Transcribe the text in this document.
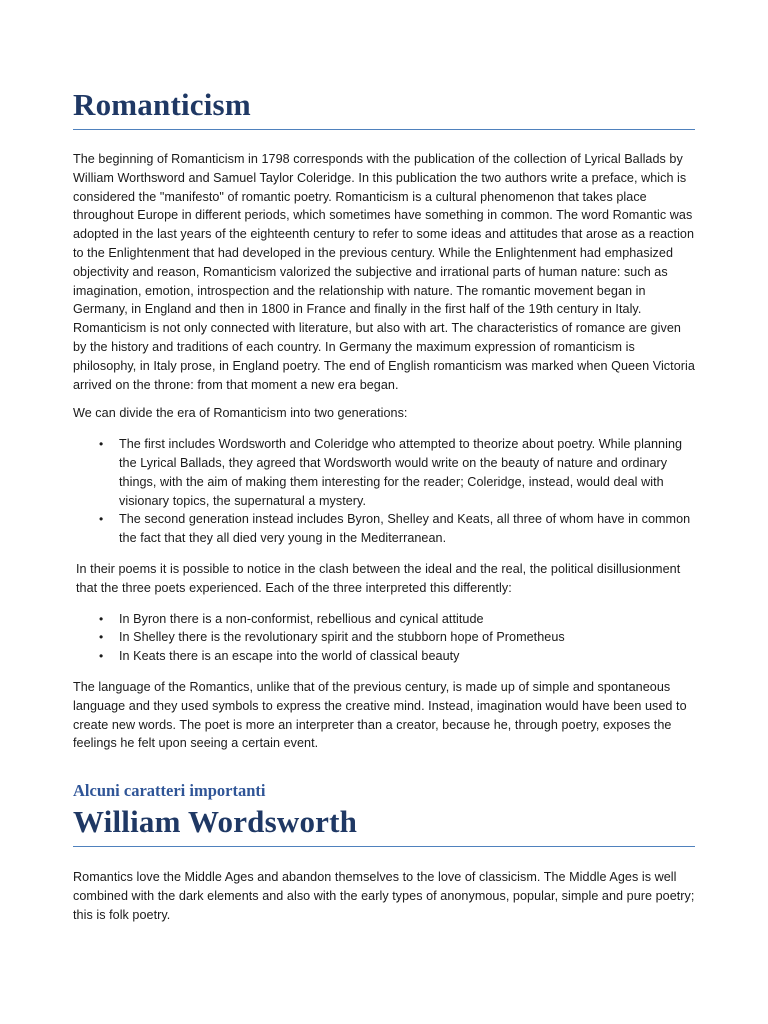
Romanticism

The beginning of Romanticism in 1798 corresponds with the publication of the collection of Lyrical Ballads by William Worthsword and Samuel Taylor Coleridge. In this publication the two authors write a preface, which is considered the "manifesto" of romantic poetry. Romanticism is a cultural phenomenon that takes place throughout Europe in different periods, which sometimes have something in common. The word Romantic was adopted in the last years of the eighteenth century to refer to some ideas and attitudes that arose as a reaction to the Enlightenment that had developed in the previous century. While the Enlightenment had emphasized objectivity and reason, Romanticism valorized the subjective and irrational parts of human nature: such as imagination, emotion, introspection and the relationship with nature. The romantic movement began in Germany, in England and then in 1800 in France and finally in the first half of the 19th century in Italy. Romanticism is not only connected with literature, but also with art. The characteristics of romance are given by the history and traditions of each country. In Germany the maximum expression of romanticism is philosophy, in Italy prose, in England poetry. The end of English romanticism was marked when Queen Victoria arrived on the throne: from that moment a new era began.

We can divide the era of Romanticism into two generations:

• The first includes Wordsworth and Coleridge who attempted to theorize about poetry. While planning the Lyrical Ballads, they agreed that Wordsworth would write on the beauty of nature and ordinary things, with the aim of making them interesting for the reader; Coleridge, instead, would deal with visionary topics, the supernatural a mystery.
• The second generation instead includes Byron, Shelley and Keats, all three of whom have in common the fact that they all died very young in the Mediterranean.

In their poems it is possible to notice in the clash between the ideal and the real, the political disillusionment that the three poets experienced. Each of the three interpreted this differently:

• In Byron there is a non-conformist, rebellious and cynical attitude
• In Shelley there is the revolutionary spirit and the stubborn hope of Prometheus
• In Keats there is an escape into the world of classical beauty

The language of the Romantics, unlike that of the previous century, is made up of simple and spontaneous language and they used symbols to express the creative mind. Instead, imagination would have been used to create new words. The poet is more an interpreter than a creator, because he, through poetry, exposes the feelings he felt upon seeing a certain event.

Alcuni caratteri importanti
William Wordsworth

Romantics love the Middle Ages and abandon themselves to the love of classicism. The Middle Ages is well combined with the dark elements and also with the early types of anonymous, popular, simple and pure poetry; this is folk poetry.
